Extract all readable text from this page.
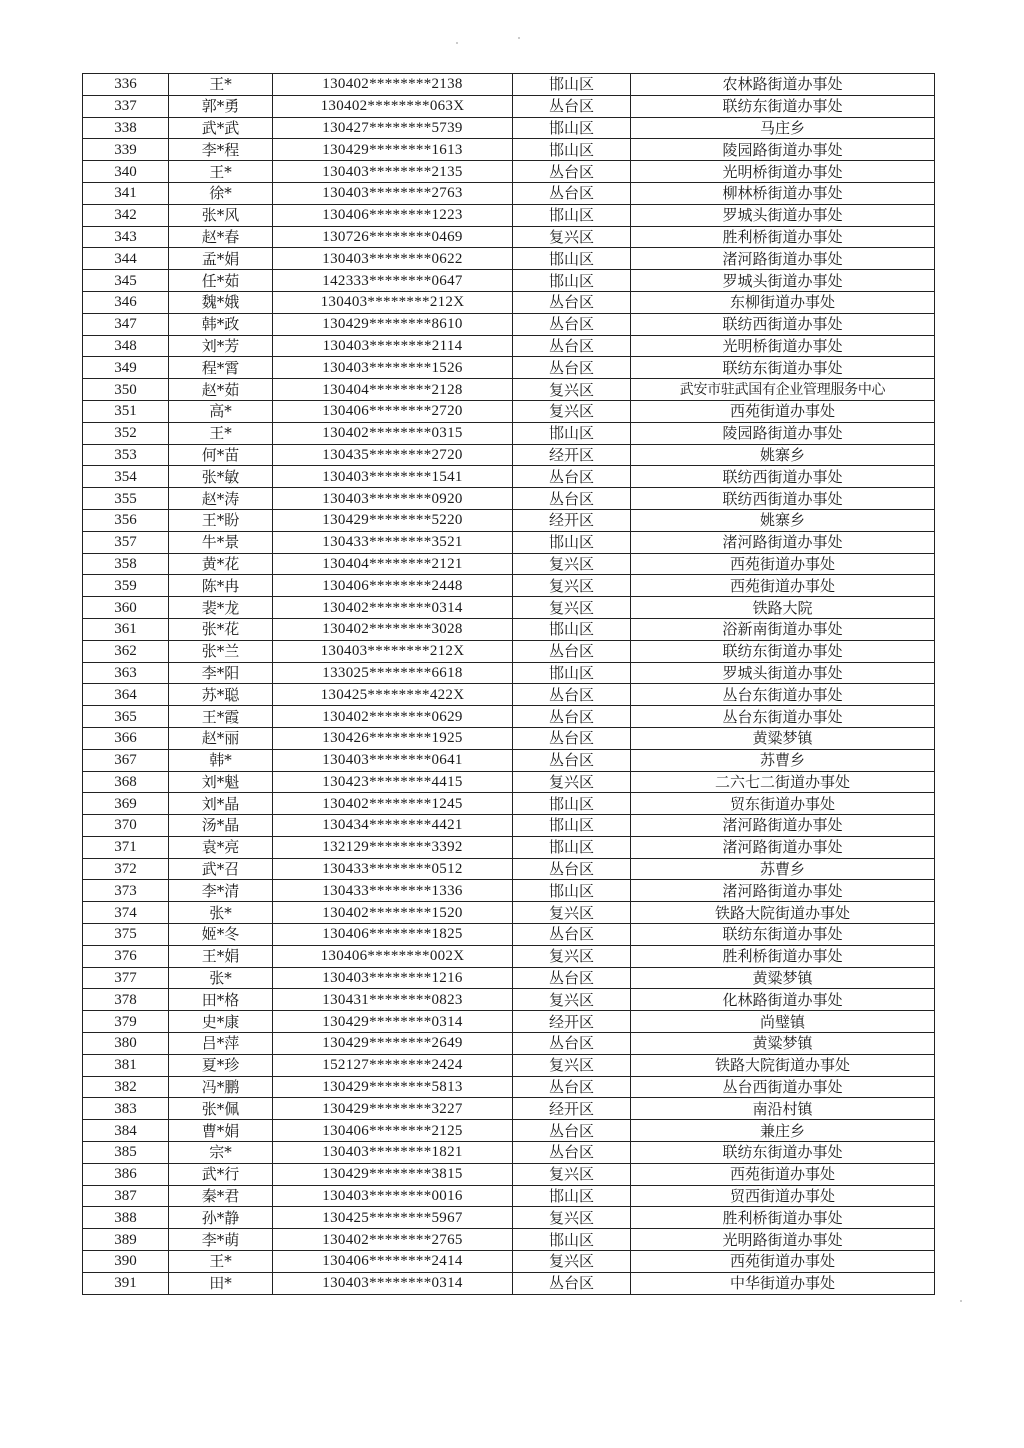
336	王*	130402********2138	邯山区	农林路街道办事处
337	郭*勇	130402********063X	丛台区	联纺东街道办事处
338	武*武	130427********5739	邯山区	马庄乡
339	李*程	130429********1613	邯山区	陵园路街道办事处
340	王*	130403********2135	丛台区	光明桥街道办事处
341	徐*	130403********2763	丛台区	柳林桥街道办事处
342	张*风	130406********1223	邯山区	罗城头街道办事处
343	赵*春	130726********0469	复兴区	胜利桥街道办事处
344	孟*娟	130403********0622	邯山区	渚河路街道办事处
345	任*茹	142333********0647	邯山区	罗城头街道办事处
346	魏*娥	130403********212X	丛台区	东柳街道办事处
347	韩*政	130429********8610	丛台区	联纺西街道办事处
348	刘*芳	130403********2114	丛台区	光明桥街道办事处
349	程*霄	130403********1526	丛台区	联纺东街道办事处
350	赵*茹	130404********2128	复兴区	武安市驻武国有企业管理服务中心
351	高*	130406********2720	复兴区	西苑街道办事处
352	王*	130402********0315	邯山区	陵园路街道办事处
353	何*苗	130435********2720	经开区	姚寨乡
354	张*敏	130403********1541	丛台区	联纺西街道办事处
355	赵*涛	130403********0920	丛台区	联纺西街道办事处
356	王*盼	130429********5220	经开区	姚寨乡
357	牛*景	130433********3521	邯山区	渚河路街道办事处
358	黄*花	130404********2121	复兴区	西苑街道办事处
359	陈*冉	130406********2448	复兴区	西苑街道办事处
360	裴*龙	130402********0314	复兴区	铁路大院
361	张*花	130402********3028	邯山区	浴新南街道办事处
362	张*兰	130403********212X	丛台区	联纺东街道办事处
363	李*阳	133025********6618	邯山区	罗城头街道办事处
364	苏*聪	130425********422X	丛台区	丛台东街道办事处
365	王*霞	130402********0629	丛台区	丛台东街道办事处
366	赵*丽	130426********1925	丛台区	黄粱梦镇
367	韩*	130403********0641	丛台区	苏曹乡
368	刘*魁	130423********4415	复兴区	二六七二街道办事处
369	刘*晶	130402********1245	邯山区	贸东街道办事处
370	汤*晶	130434********4421	邯山区	渚河路街道办事处
371	袁*亮	132129********3392	邯山区	渚河路街道办事处
372	武*召	130433********0512	丛台区	苏曹乡
373	李*清	130433********1336	邯山区	渚河路街道办事处
374	张*	130402********1520	复兴区	铁路大院街道办事处
375	姬*冬	130406********1825	丛台区	联纺东街道办事处
376	王*娟	130406********002X	复兴区	胜利桥街道办事处
377	张*	130403********1216	丛台区	黄粱梦镇
378	田*格	130431********0823	复兴区	化林路街道办事处
379	史*康	130429********0314	经开区	尚璧镇
380	吕*萍	130429********2649	丛台区	黄粱梦镇
381	夏*珍	152127********2424	复兴区	铁路大院街道办事处
382	冯*鹏	130429********5813	丛台区	丛台西街道办事处
383	张*佩	130429********3227	经开区	南沿村镇
384	曹*娟	130406********2125	丛台区	兼庄乡
385	宗*	130403********1821	丛台区	联纺东街道办事处
386	武*行	130429********3815	复兴区	西苑街道办事处
387	秦*君	130403********0016	邯山区	贸西街道办事处
388	孙*静	130425********5967	复兴区	胜利桥街道办事处
389	李*萌	130402********2765	邯山区	光明路街道办事处
390	王*	130406********2414	复兴区	西苑街道办事处
391	田*	130403********0314	丛台区	中华街道办事处
